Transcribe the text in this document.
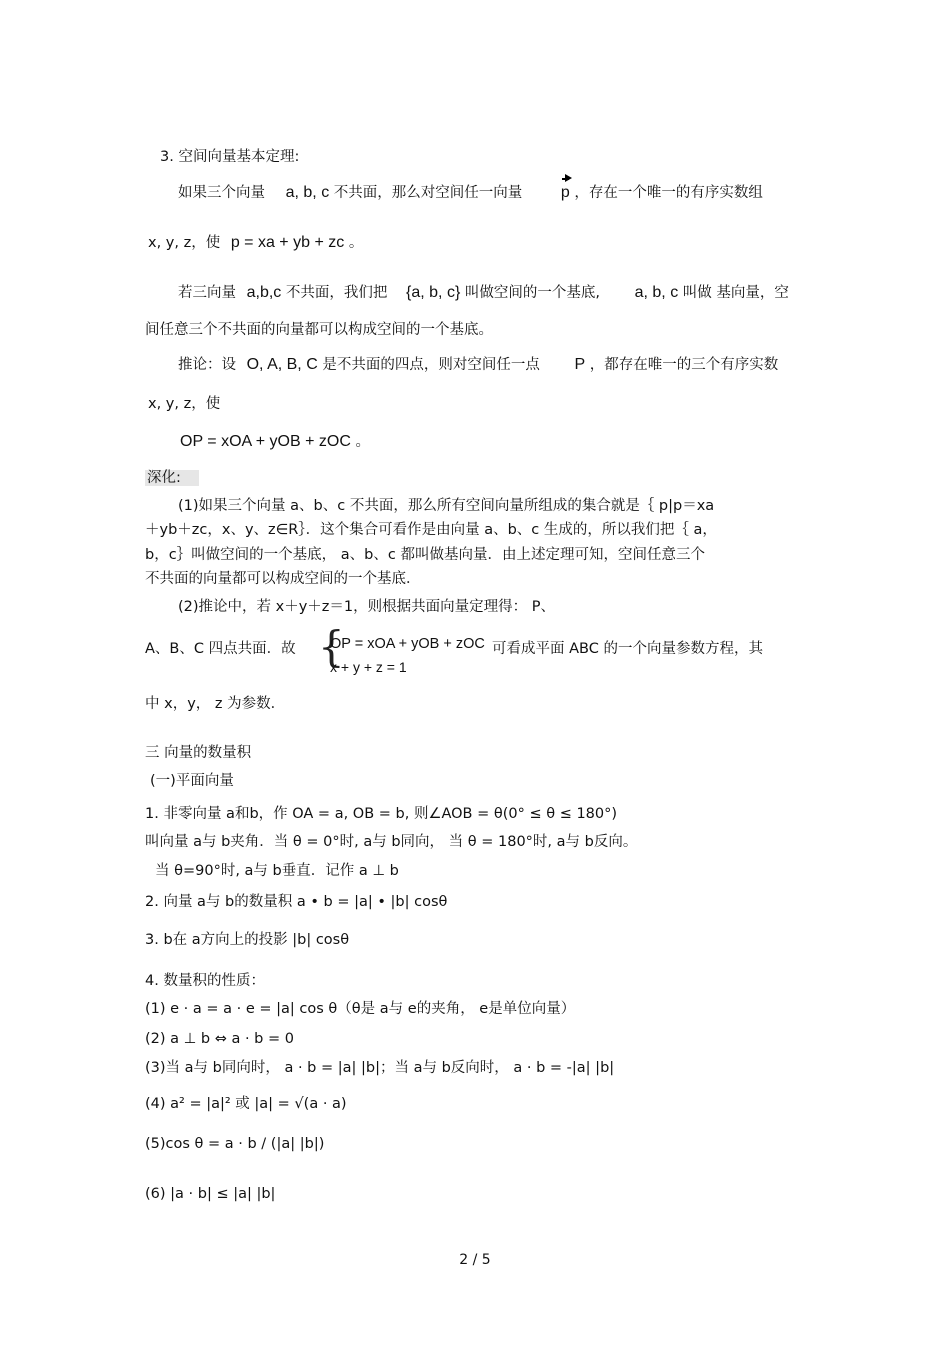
3. 空间向量基本定理:
如果三个向量 a, b, c 不共面，那么对空间任一向量 p ，存在一个唯一的有序实数组
x, y, z，使 p = xa + yb + zc 。
若三向量 a,b,c 不共面，我们把 {a, b, c} 叫做空间的一个基底, a, b, c 叫做 基向量，空
间任意三个不共面的向量都可以构成空间的一个基底。
推论：设 O, A, B, C 是不共面的四点，则对空间任一点 P ，都存在唯一的三个有序实数
x, y, z，使
OP = xOA + yOB + zOC 。
深化:
(1)如果三个向量 a、b、c 不共面，那么所有空间向量所组成的集合就是｛ p|p＝xa
＋yb＋zc，x、y、z∈R｝．这个集合可看作是由向量 a、b、c 生成的，所以我们把｛ a，
b，c｝叫做空间的一个基底， a、b、c 都叫做基向量．由上述定理可知，空间任意三个
不共面的向量都可以构成空间的一个基底．
(2)推论中，若 x＋y＋z＝1，则根据共面向量定理得： P、
A、B、C 四点共面．故 {
OP = xOA + yOB + zOC
x + y + z = 1
可看成平面 ABC 的一个向量参数方程，其
中 x，y， z 为参数．
三 向量的数量积
(一)平面向量
1. 非零向量 a和b，作 OA = a, OB = b, 则∠AOB = θ(0° ≤ θ ≤ 180°)
叫向量 a与 b夹角．当 θ = 0°时, a与 b同向， 当 θ = 180°时, a与 b反向。
当 θ=90°时, a与 b垂直．记作 a ⊥ b
2. 向量 a与 b的数量积 a • b = |a| • |b| cosθ
3. b在 a方向上的投影 |b| cosθ
4. 数量积的性质：
(1) e · a = a · e = |a| cos θ（θ是 a与 e的夹角， e是单位向量）
(2) a ⊥ b ⇔ a · b = 0
(3)当 a与 b同向时， a · b = |a| |b|；当 a与 b反向时， a · b = -|a| |b|
(4) a² = |a|² 或 |a| = √(a · a)
(5)cos θ = a · b / (|a| |b|)
(6) |a · b| ≤ |a| |b|
2 / 5
